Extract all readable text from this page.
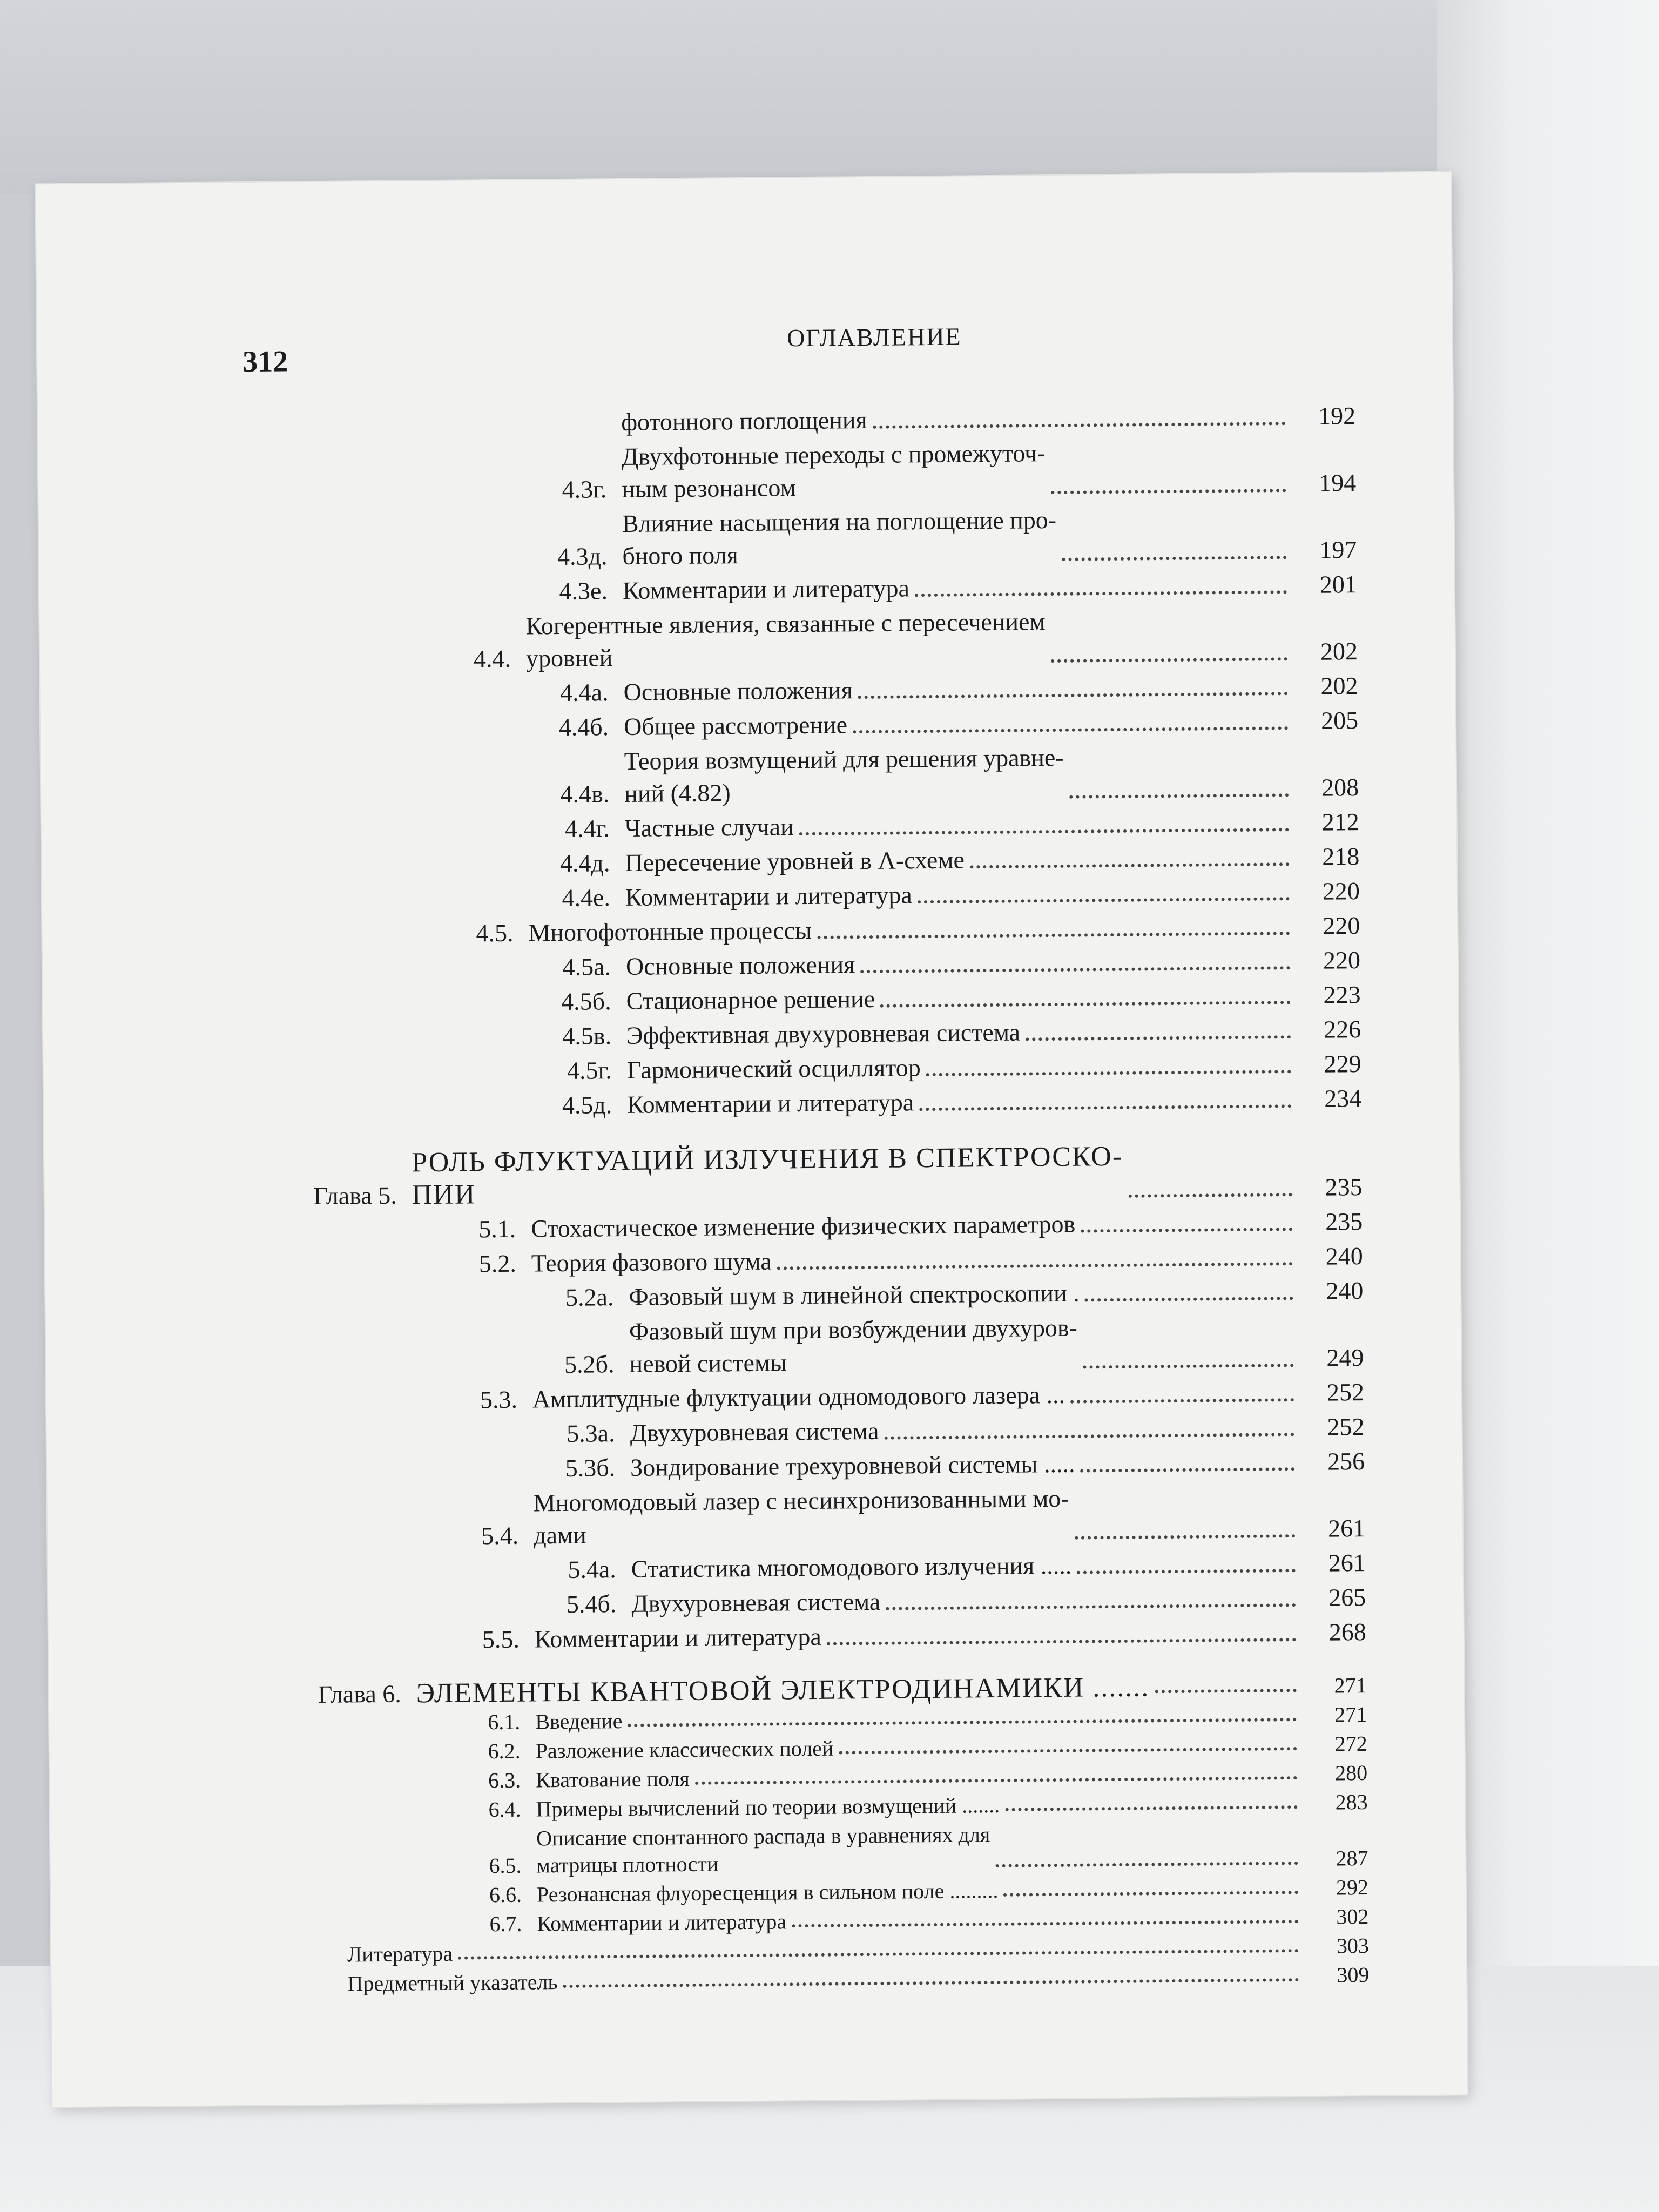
312
ОГЛАВЛЕНИЕ
фотонного поглощения	192
4.3г.
Двухфотонные переходы с промежуточ-
ным резонансом	194
4.3д.
Влияние насыщения на поглощение про-
бного поля	197
4.3е. Комментарии и литература	201
4.4.
Когерентные явления, связанные с пересечением
уровней	202
4.4а. Основные положения	202
4.4б. Общее рассмотрение	205
4.4в.
Теория возмущений для решения уравне-
ний (4.82)	208
4.4г. Частные случаи	212
4.4д. Пересечение уровней в Λ-схеме	218
4.4е. Комментарии и литература	220
4.5. Многофотонные процессы	220
4.5а. Основные положения	220
4.5б. Стационарное решение	223
4.5в. Эффективная двухуровневая система	226
4.5г. Гармонический осциллятор	229
4.5д. Комментарии и литература	234
Глава 5.
РОЛЬ ФЛУКТУАЦИЙ ИЗЛУЧЕНИЯ В СПЕКТРОСКО-
ПИИ	235
5.1. Стохастическое изменение физических параметров	235
5.2. Теория фазового шума	240
5.2а. Фазовый шум в линейной спектроскопии .	240
5.2б.
Фазовый шум при возбуждении двухуров-
невой системы	249
5.3. Амплитудные флуктуации одномодового лазера ...	252
5.3а. Двухуровневая система	252
5.3б. Зондирование трехуровневой системы .....	256
5.4.
Многомодовый лазер с несинхронизованными мо-
дами	261
5.4а. Статистика многомодового излучения .....	261
5.4б. Двухуровневая система	265
5.5. Комментарии и литература	268
Глава 6. ЭЛЕМЕНТЫ КВАНТОВОЙ ЭЛЕКТРОДИНАМИКИ .......	271
6.1. Введение	271
6.2. Разложение классических полей	272
6.3. Кватование поля	280
6.4. Примеры вычислений по теории возмущений .......	283
6.5.
Описание спонтанного распада в уравнениях для
матрицы плотности	287
6.6. Резонансная флуоресценция в сильном поле .........	292
6.7. Комментарии и литература	302
Литература	303
Предметный указатель	309
